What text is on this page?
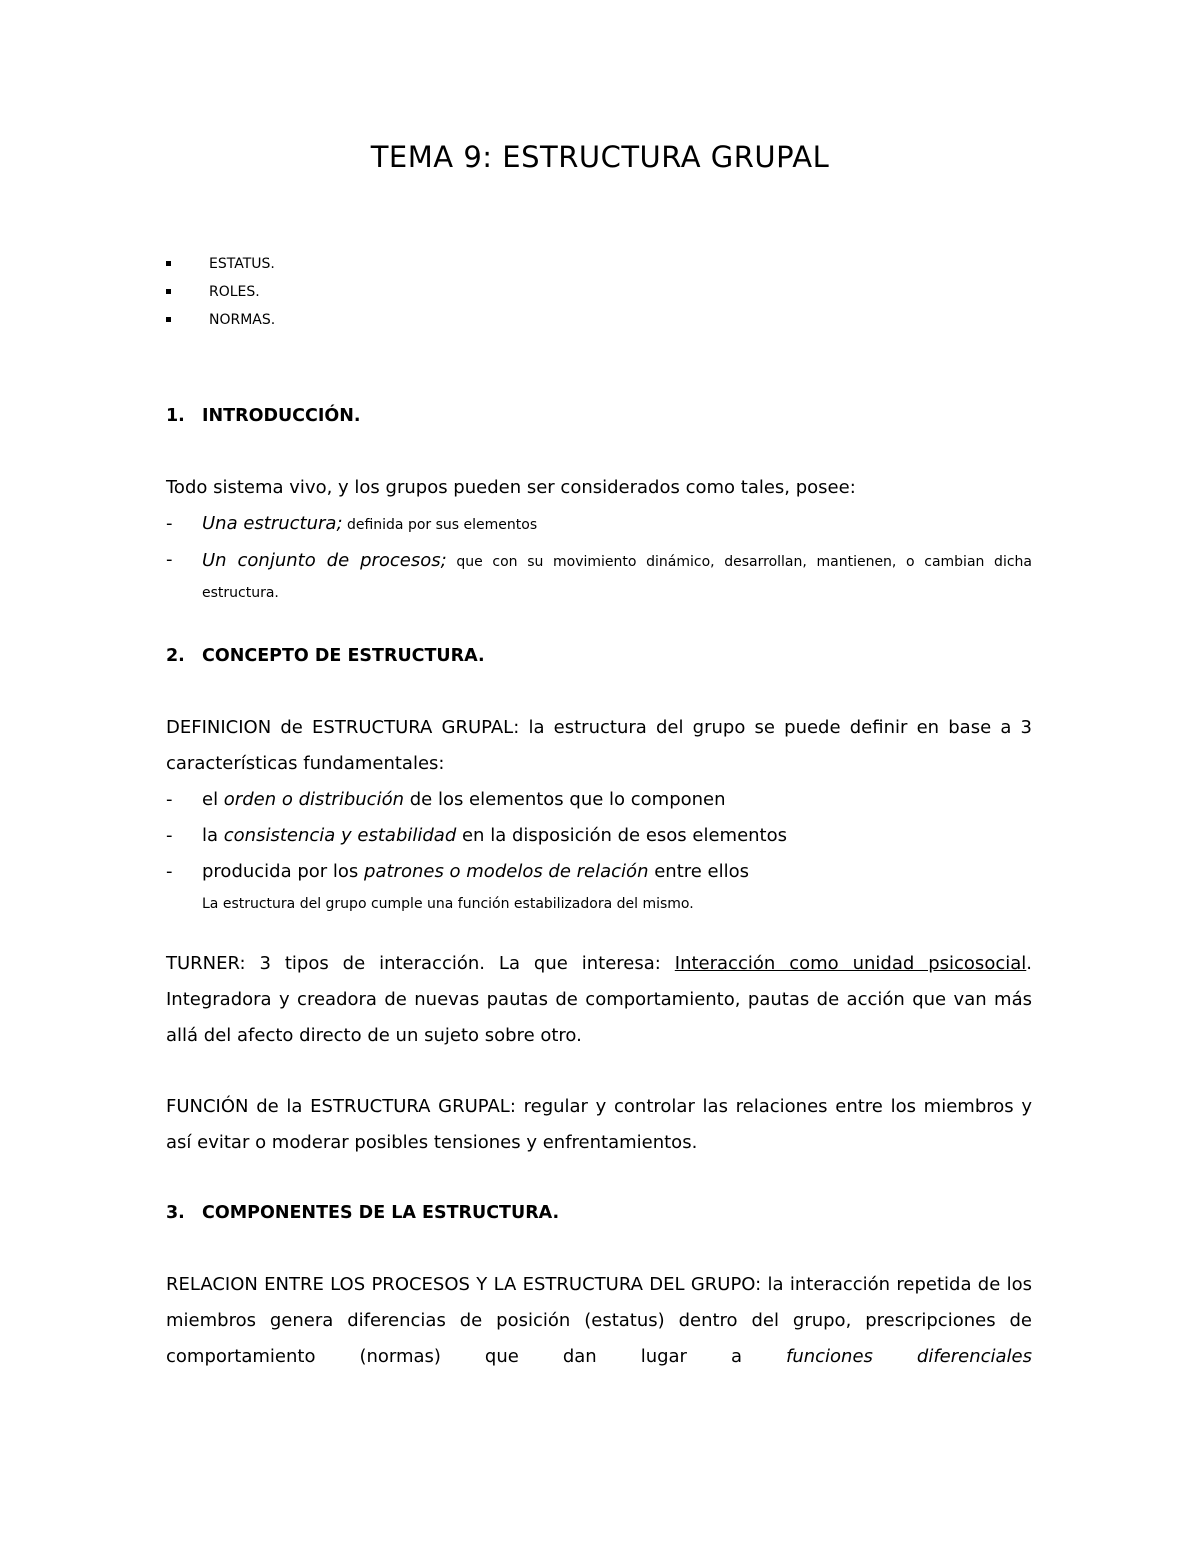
TEMA 9: ESTRUCTURA GRUPAL
ESTATUS.
ROLES.
NORMAS.
1. INTRODUCCIÓN.
Todo sistema vivo, y los grupos pueden ser considerados como tales, posee:
- Una estructura; definida por sus elementos
- Un conjunto de procesos; que con su movimiento dinámico, desarrollan, mantienen, o cambian dicha estructura.
2. CONCEPTO DE ESTRUCTURA.
DEFINICION de ESTRUCTURA GRUPAL: la estructura del grupo se puede definir en base a 3 características fundamentales:
- el orden o distribución de los elementos que lo componen
- la consistencia y estabilidad en la disposición de esos elementos
- producida por los patrones o modelos de relación entre ellos
La estructura del grupo cumple una función estabilizadora del mismo.
TURNER: 3 tipos de interacción. La que interesa: Interacción como unidad psicosocial. Integradora y creadora de nuevas pautas de comportamiento, pautas de acción que van más allá del afecto directo de un sujeto sobre otro.
FUNCIÓN de la ESTRUCTURA GRUPAL: regular y controlar las relaciones entre los miembros y así evitar o moderar posibles tensiones y enfrentamientos.
3. COMPONENTES DE LA ESTRUCTURA.
RELACION ENTRE LOS PROCESOS Y LA ESTRUCTURA DEL GRUPO: la interacción repetida de los miembros genera diferencias de posición (estatus) dentro del grupo, prescripciones de comportamiento (normas) que dan lugar a funciones diferenciales
